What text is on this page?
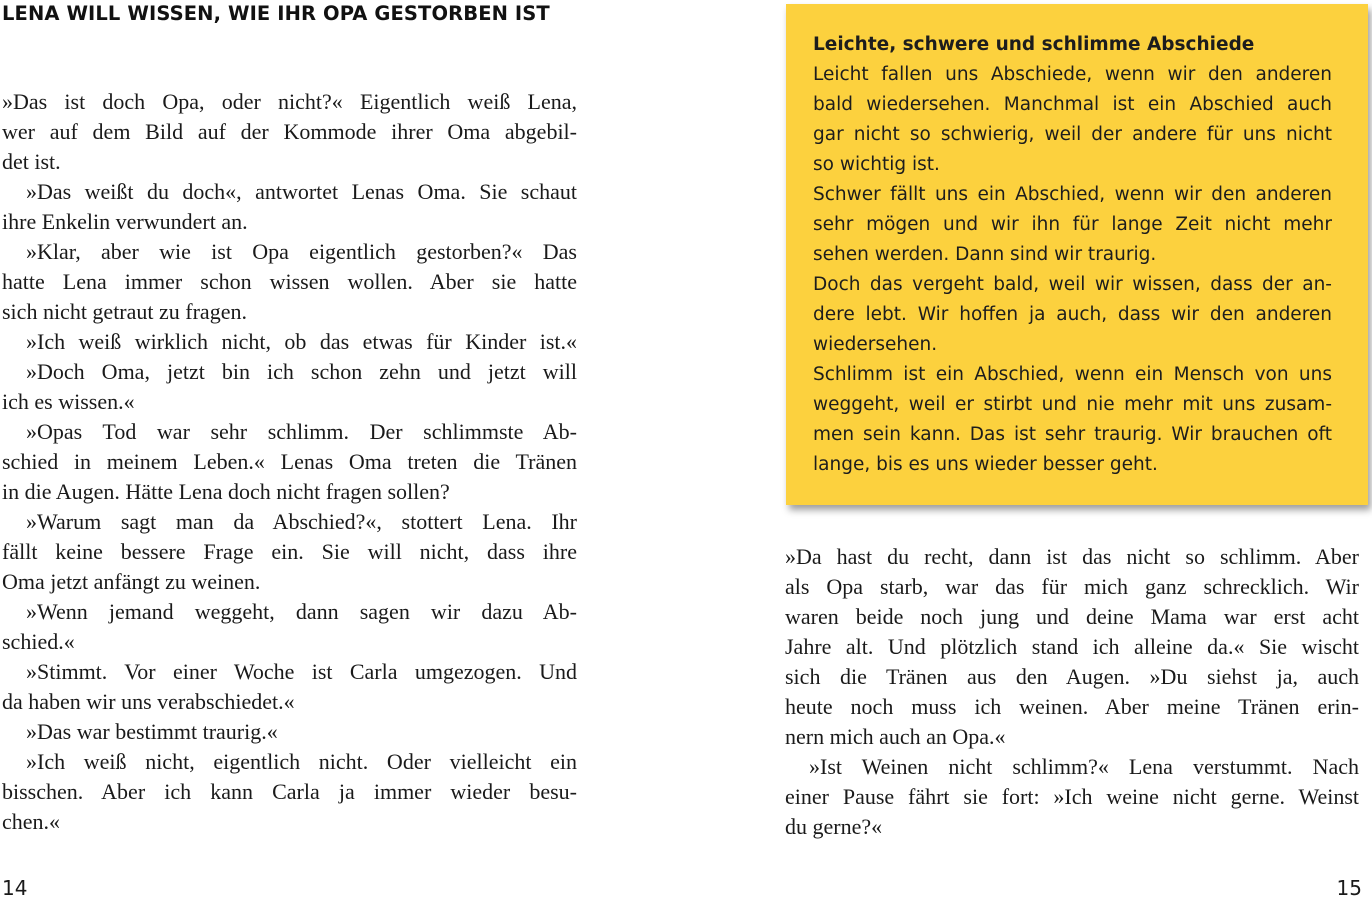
LENA WILL WISSEN, WIE IHR OPA GESTORBEN IST
»Das ist doch Opa, oder nicht?« Eigentlich weiß Lena,
wer auf dem Bild auf der Kommode ihrer Oma abgebil-
det ist.
»Das weißt du doch«, antwortet Lenas Oma. Sie schaut
ihre Enkelin verwundert an.
»Klar, aber wie ist Opa eigentlich gestorben?« Das
hatte Lena immer schon wissen wollen. Aber sie hatte
sich nicht getraut zu fragen.
»Ich weiß wirklich nicht, ob das etwas für Kinder ist.«
»Doch Oma, jetzt bin ich schon zehn und jetzt will
ich es wissen.«
»Opas Tod war sehr schlimm. Der schlimmste Ab-
schied in meinem Leben.« Lenas Oma treten die Tränen
in die Augen. Hätte Lena doch nicht fragen sollen?
»Warum sagt man da Abschied?«, stottert Lena. Ihr
fällt keine bessere Frage ein. Sie will nicht, dass ihre
Oma jetzt anfängt zu weinen.
»Wenn jemand weggeht, dann sagen wir dazu Ab-
schied.«
»Stimmt. Vor einer Woche ist Carla umgezogen. Und
da haben wir uns verabschiedet.«
»Das war bestimmt traurig.«
»Ich weiß nicht, eigentlich nicht. Oder vielleicht ein
bisschen. Aber ich kann Carla ja immer wieder besu-
chen.«
14
Leichte, schwere und schlimme Abschiede
Leicht fallen uns Abschiede, wenn wir den anderen
bald wiedersehen. Manchmal ist ein Abschied auch
gar nicht so schwierig, weil der andere für uns nicht
so wichtig ist.
Schwer fällt uns ein Abschied, wenn wir den anderen
sehr mögen und wir ihn für lange Zeit nicht mehr
sehen werden. Dann sind wir traurig.
Doch das vergeht bald, weil wir wissen, dass der an-
dere lebt. Wir hoffen ja auch, dass wir den anderen
wiedersehen.
Schlimm ist ein Abschied, wenn ein Mensch von uns
weggeht, weil er stirbt und nie mehr mit uns zusam-
men sein kann. Das ist sehr traurig. Wir brauchen oft
lange, bis es uns wieder besser geht.
»Da hast du recht, dann ist das nicht so schlimm. Aber
als Opa starb, war das für mich ganz schrecklich. Wir
waren beide noch jung und deine Mama war erst acht
Jahre alt. Und plötzlich stand ich alleine da.« Sie wischt
sich die Tränen aus den Augen. »Du siehst ja, auch
heute noch muss ich weinen. Aber meine Tränen erin-
nern mich auch an Opa.«
»Ist Weinen nicht schlimm?« Lena verstummt. Nach
einer Pause fährt sie fort: »Ich weine nicht gerne. Weinst
du gerne?«
15
